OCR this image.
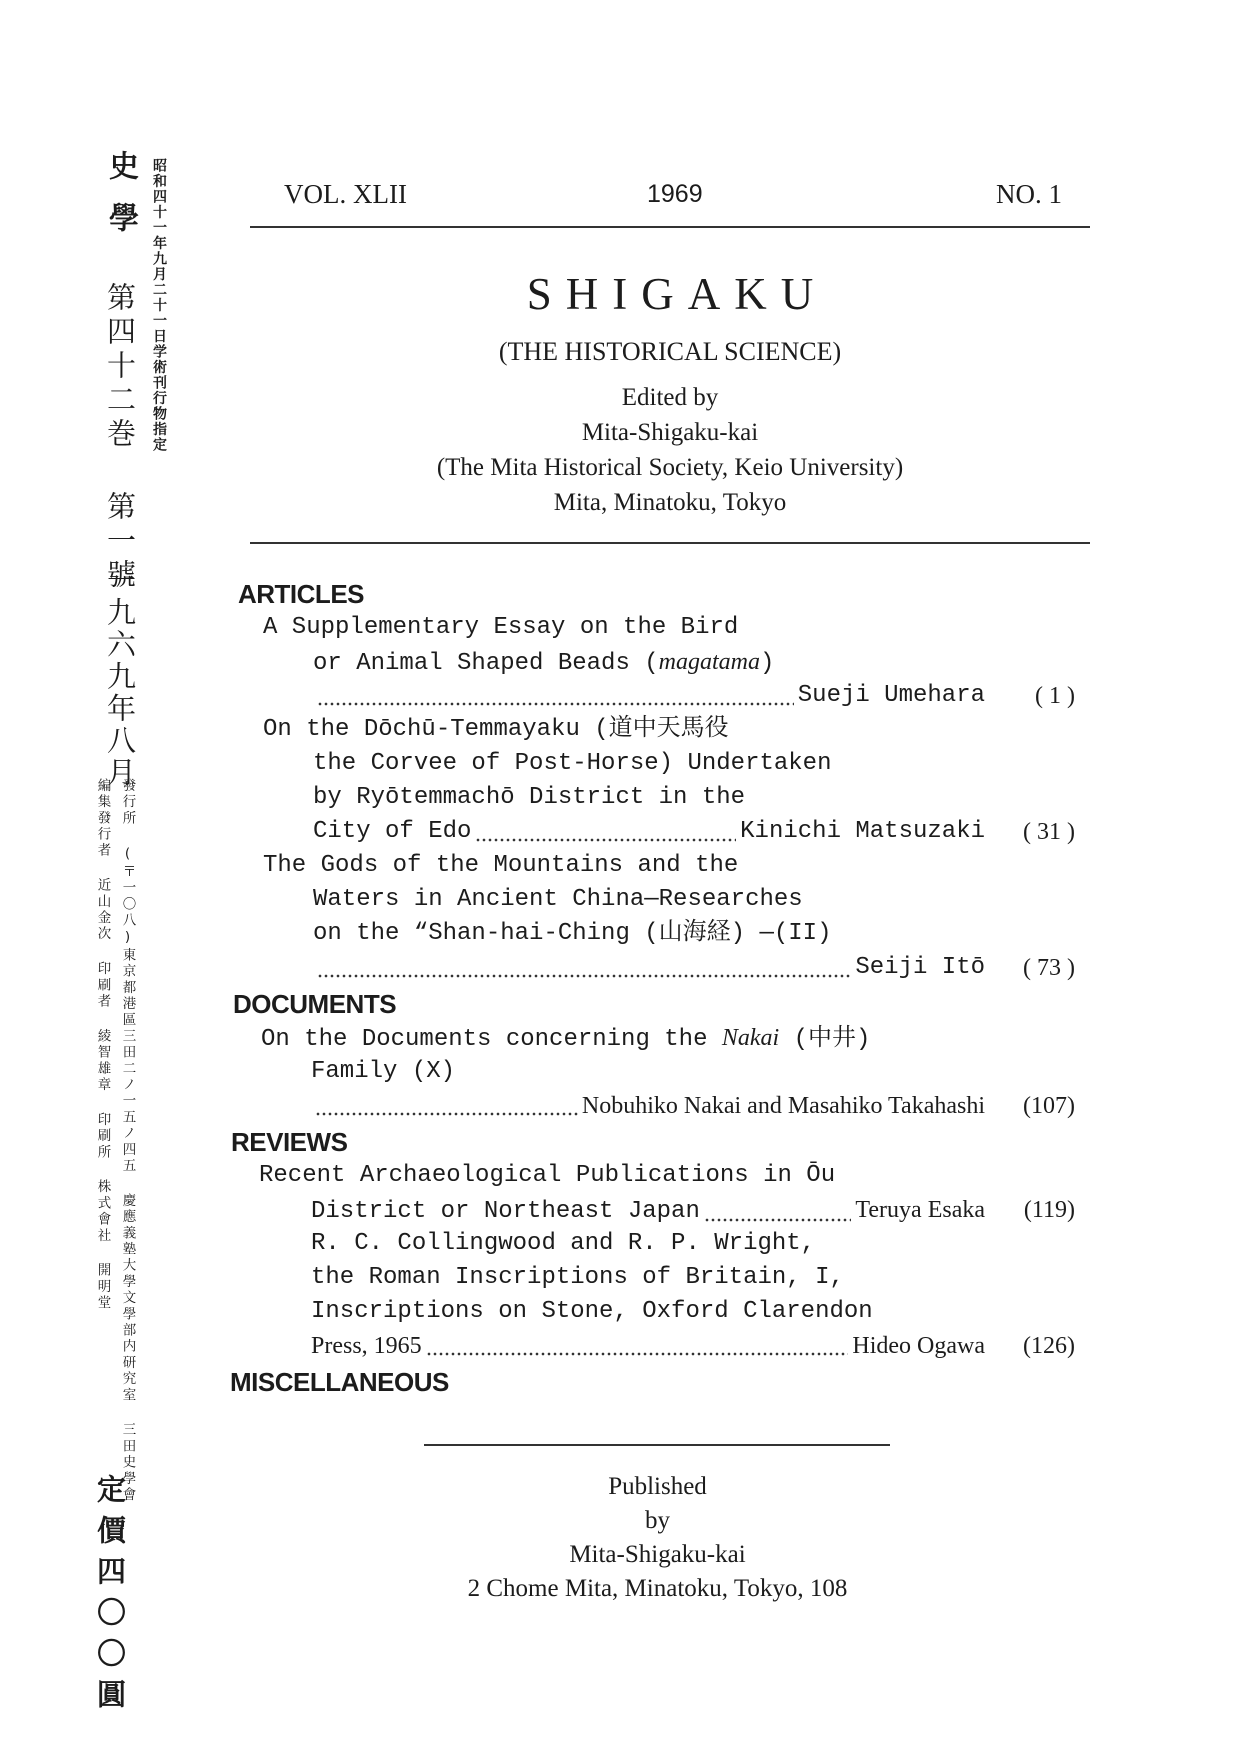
史學
第四十二巻 第一號
一九六九年八月
昭和四十一年九月二十一日学術刊行物指定
編集發行者 近山金次 印刷者 綾智雄章 印刷所 株式會社 開明堂 發行所 (〒一〇八)東京都港區三田二ノ一五ノ四五 慶應義塾大學文學部内研究室 三田史學會
定價四〇〇圓
VOL. XLII	1969	NO. 1
SHIGAKU
(THE HISTORICAL SCIENCE)
Edited by
Mita-Shigaku-kai
(The Mita Historical Society, Keio University)
Mita, Minatoku, Tokyo
ARTICLES
A Supplementary Essay on the Bird
or Animal Shaped Beads (magatama)
Sueji Umehara	( 1 )
On the Dōchū-Temmayaku (道中天馬役
the Corvee of Post-Horse) Undertaken
by Ryōtemmachō District in the
City of Edo	Kinichi Matsuzaki	( 31 )
The Gods of the Mountains and the
Waters in Ancient China—Researches
on the “Shan-hai-Ching (山海経) —(II)
Seiji Itō	( 73 )
DOCUMENTS
On the Documents concerning the Nakai (中井)
Family (X)
Nobuhiko Nakai and Masahiko Takahashi	(107)
REVIEWS
Recent Archaeological Publications in Ōu
District or Northeast Japan	Teruya Esaka	(119)
R. C. Collingwood and R. P. Wright,
the Roman Inscriptions of Britain, I,
Inscriptions on Stone, Oxford Clarendon
Press, 1965	Hideo Ogawa	(126)
MISCELLANEOUS
Published
by
Mita-Shigaku-kai
2 Chome Mita, Minatoku, Tokyo, 108
